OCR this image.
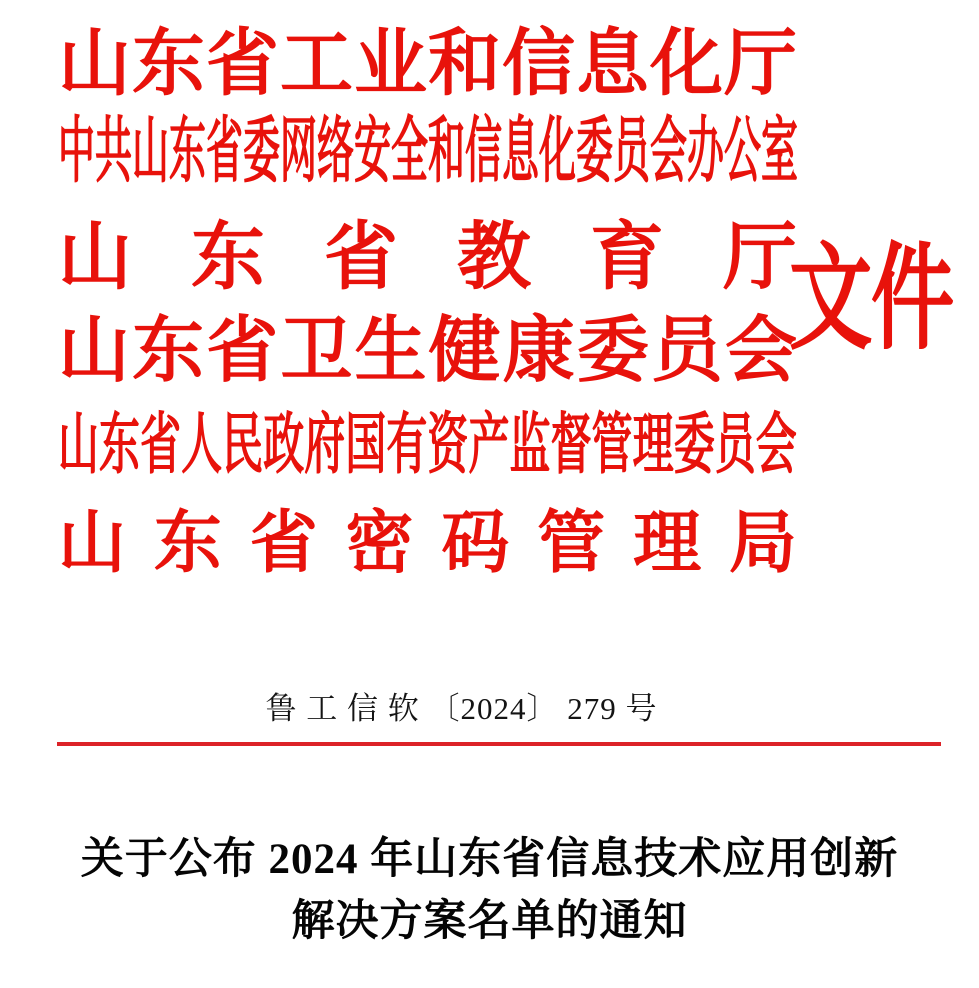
山 东 省 工 业 和 信 息 化 厅
中 共 山 东 省 委 网 络 安 全 和 信 息 化 委 员 会 办 公 室
山 东 省 教 育 厅
山 东 省 卫 生 健 康 委 员 会
山 东 省 人 民 政 府 国 有 资 产 监 督 管 理 委 员 会
山 东 省 密 码 管 理 局
文件
鲁 工 信 软 〔2024〕 279 号
关于公布 2024 年山东省信息技术应用创新
解决方案名单的通知
